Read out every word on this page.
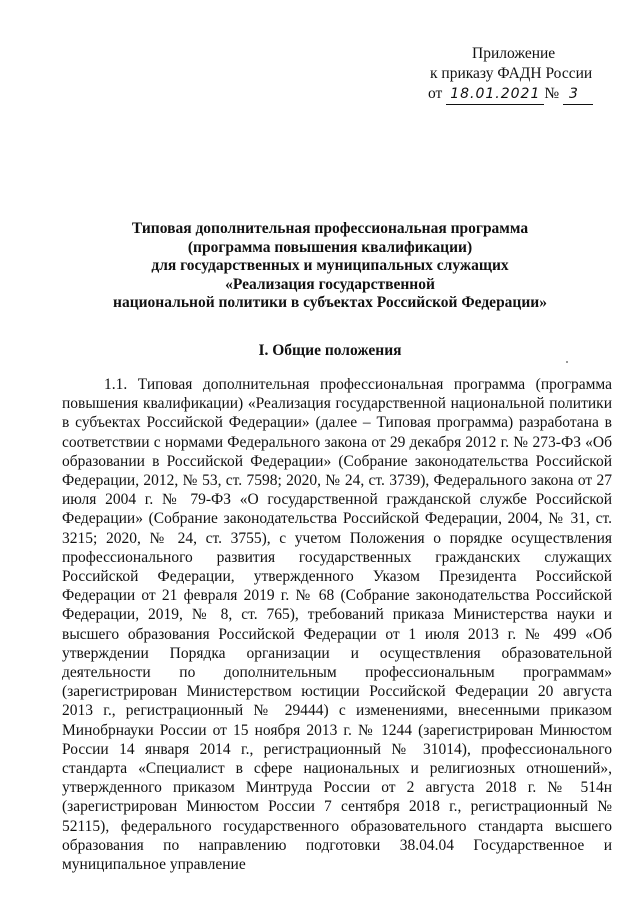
Приложение
к приказу ФАДН России
от 18.01.2021 № 3
Типовая дополнительная профессиональная программа
(программа повышения квалификации)
для государственных и муниципальных служащих
«Реализация государственной
национальной политики в субъектах Российской Федерации»
I. Общие положения

1.1. Типовая дополнительная профессиональная программа (программа повышения квалификации) «Реализация государственной национальной политики в субъектах Российской Федерации» (далее – Типовая программа) разработана в соответствии с нормами Федерального закона от 29 декабря 2012 г. № 273-ФЗ «Об образовании в Российской Федерации» (Собрание законодательства Российской Федерации, 2012, № 53, ст. 7598; 2020, № 24, ст. 3739), Федерального закона от 27 июля 2004 г. № 79-ФЗ «О государственной гражданской службе Российской Федерации» (Собрание законодательства Российской Федерации, 2004, № 31, ст. 3215; 2020, № 24, ст. 3755), с учетом Положения о порядке осуществления профессионального развития государственных гражданских служащих Российской Федерации, утвержденного Указом Президента Российской Федерации от 21 февраля 2019 г. № 68 (Собрание законодательства Российской Федерации, 2019, № 8, ст. 765), требований приказа Министерства науки и высшего образования Российской Федерации от 1 июля 2013 г. № 499 «Об утверждении Порядка организации и осуществления образовательной деятельности по дополнительным профессиональным программам» (зарегистрирован Министерством юстиции Российской Федерации 20 августа 2013 г., регистрационный № 29444) с изменениями, внесенными приказом Минобрнауки России от 15 ноября 2013 г. № 1244 (зарегистрирован Минюстом России 14 января 2014 г., регистрационный № 31014), профессионального стандарта «Специалист в сфере национальных и религиозных отношений», утвержденного приказом Минтруда России от 2 августа 2018 г. № 514н (зарегистрирован Минюстом России 7 сентября 2018 г., регистрационный № 52115), федерального государственного образовательного стандарта высшего образования по направлению подготовки 38.04.04 Государственное и муниципальное управление
